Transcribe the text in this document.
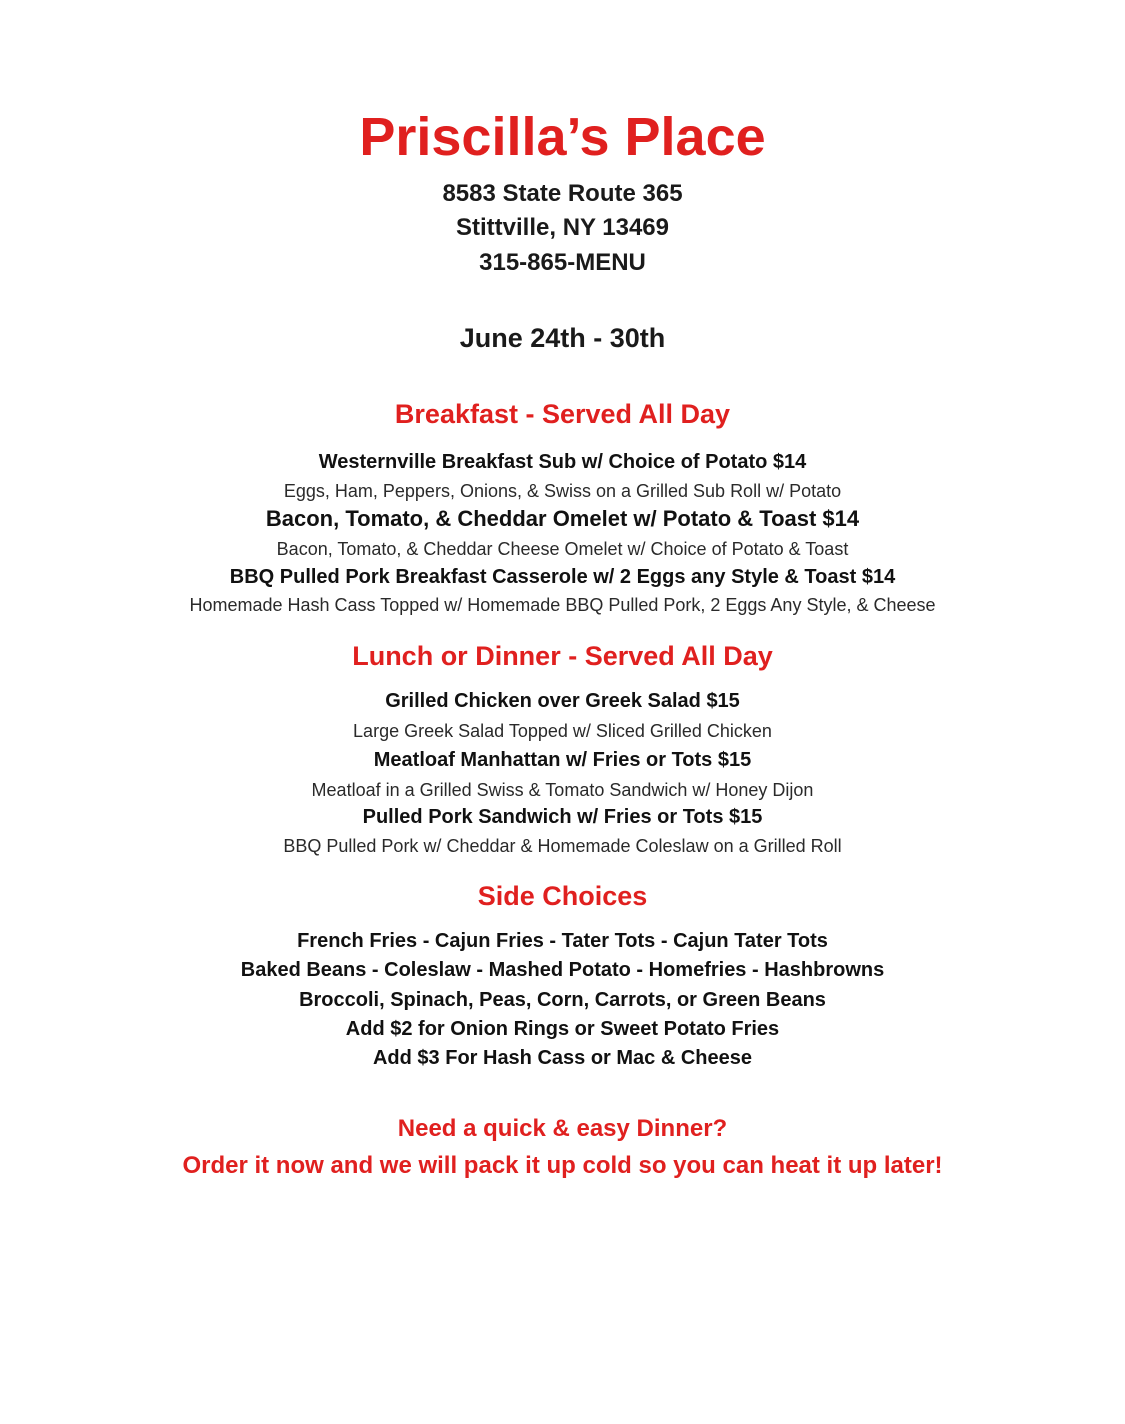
Priscilla’s Place
8583 State Route 365
Stittville, NY 13469
315-865-MENU
June 24th - 30th
Breakfast - Served All Day
Westernville Breakfast Sub w/ Choice of Potato $14
Eggs, Ham, Peppers, Onions, & Swiss on a Grilled Sub Roll w/ Potato
Bacon, Tomato, & Cheddar Omelet w/ Potato & Toast $14
Bacon, Tomato, & Cheddar Cheese Omelet w/ Choice of Potato & Toast
BBQ Pulled Pork Breakfast Casserole w/ 2 Eggs any Style & Toast $14
Homemade Hash Cass Topped w/ Homemade BBQ Pulled Pork, 2 Eggs Any Style, & Cheese
Lunch or Dinner - Served All Day
Grilled Chicken over Greek Salad $15
Large Greek Salad Topped w/ Sliced Grilled Chicken
Meatloaf Manhattan w/ Fries or Tots $15
Meatloaf in a Grilled Swiss & Tomato Sandwich w/ Honey Dijon
Pulled Pork Sandwich w/ Fries or Tots $15
BBQ Pulled Pork w/ Cheddar & Homemade Coleslaw on a Grilled Roll
Side Choices
French Fries - Cajun Fries - Tater Tots - Cajun Tater Tots
Baked Beans - Coleslaw - Mashed Potato - Homefries - Hashbrowns
Broccoli, Spinach, Peas, Corn, Carrots, or Green Beans
Add $2 for Onion Rings or Sweet Potato Fries
Add $3 For Hash Cass or Mac & Cheese
Need a quick & easy Dinner?
Order it now and we will pack it up cold so you can heat it up later!
